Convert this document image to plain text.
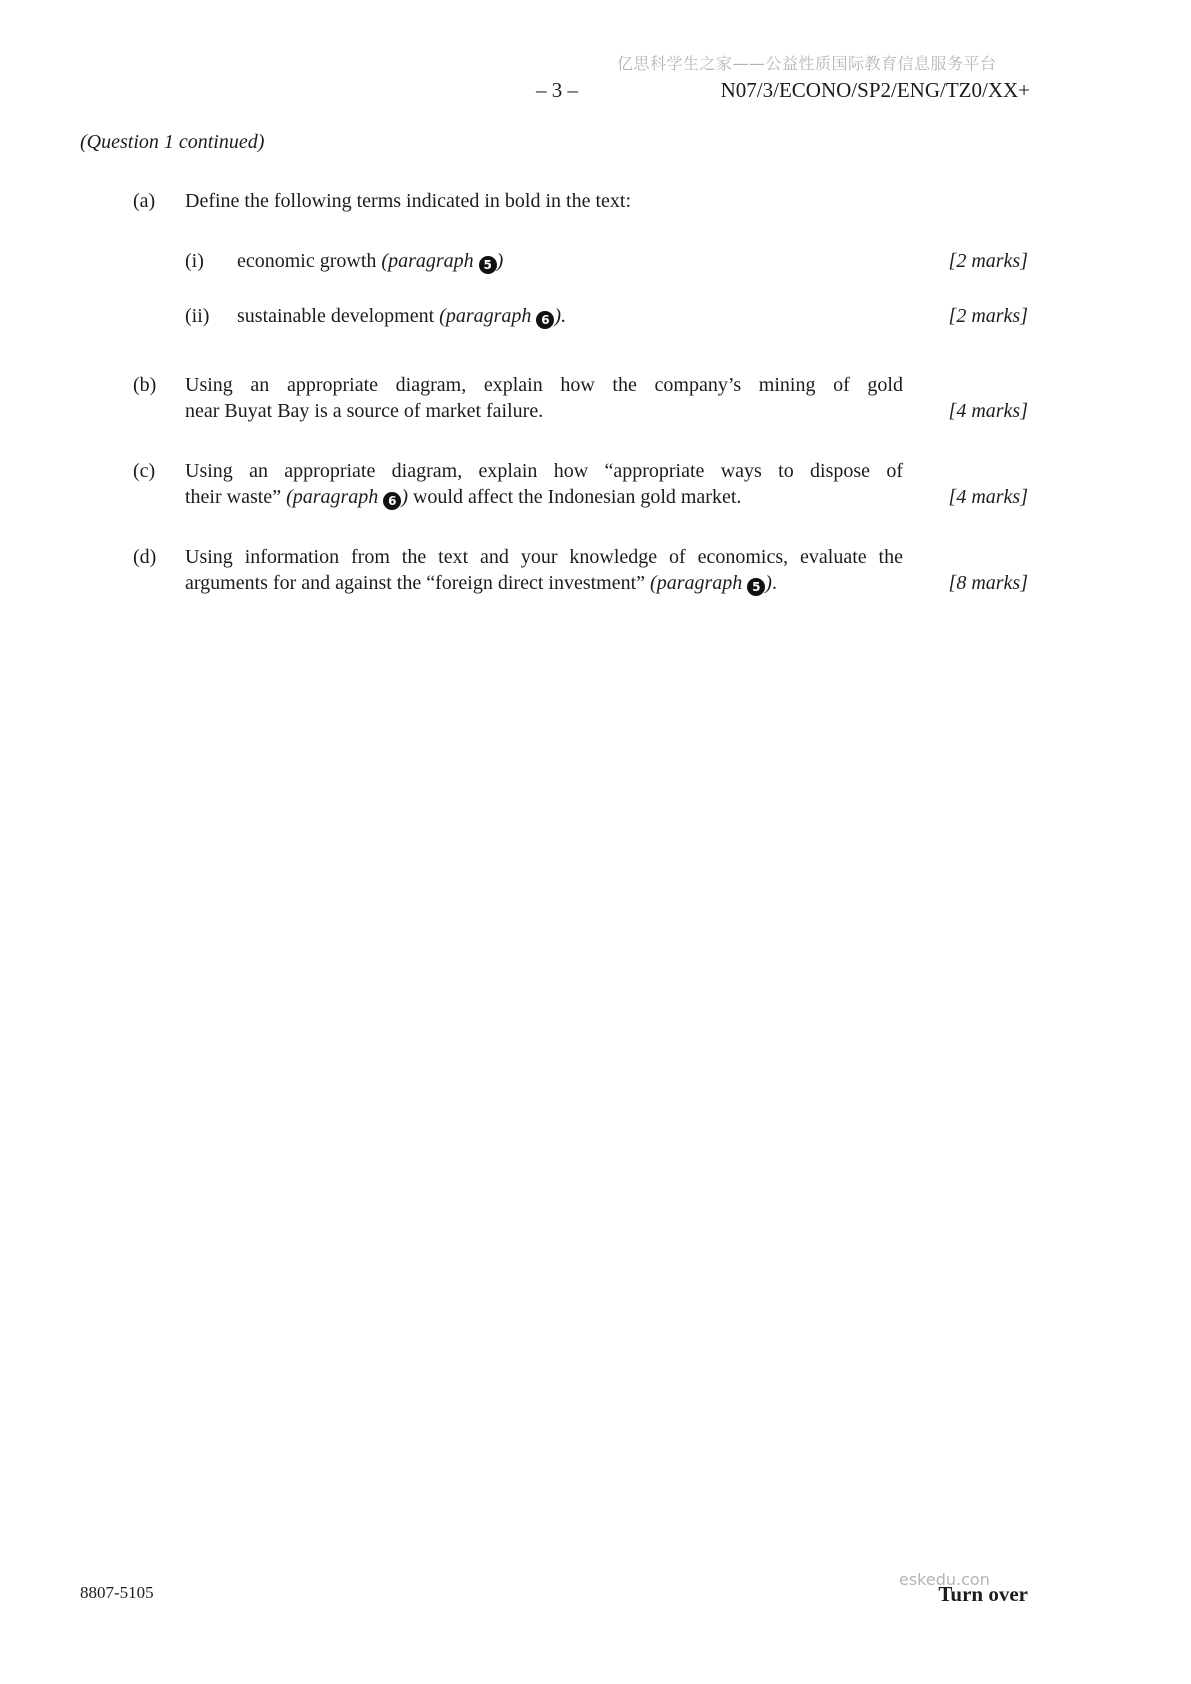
亿思科学生之家——公益性质国际教育信息服务平台
– 3 –	N07/3/ECONO/SP2/ENG/TZ0/XX+
(Question 1 continued)
(a)	Define the following terms indicated in bold in the text:
(i)	economic growth (paragraph 5 )	[2 marks]
(ii)	sustainable development (paragraph 6 ).	[2 marks]
(b)	Using an appropriate diagram, explain how the company’s mining of gold
near Buyat Bay is a source of market failure.	[4 marks]
(c)	Using an appropriate diagram, explain how “appropriate ways to dispose of
their waste” (paragraph 6 ) would affect the Indonesian gold market.	[4 marks]
(d)	Using information from the text and your knowledge of economics, evaluate the
arguments for and against the “foreign direct investment” (paragraph 5 ).	[8 marks]
8807-5105
eskedu.con
Turn over
